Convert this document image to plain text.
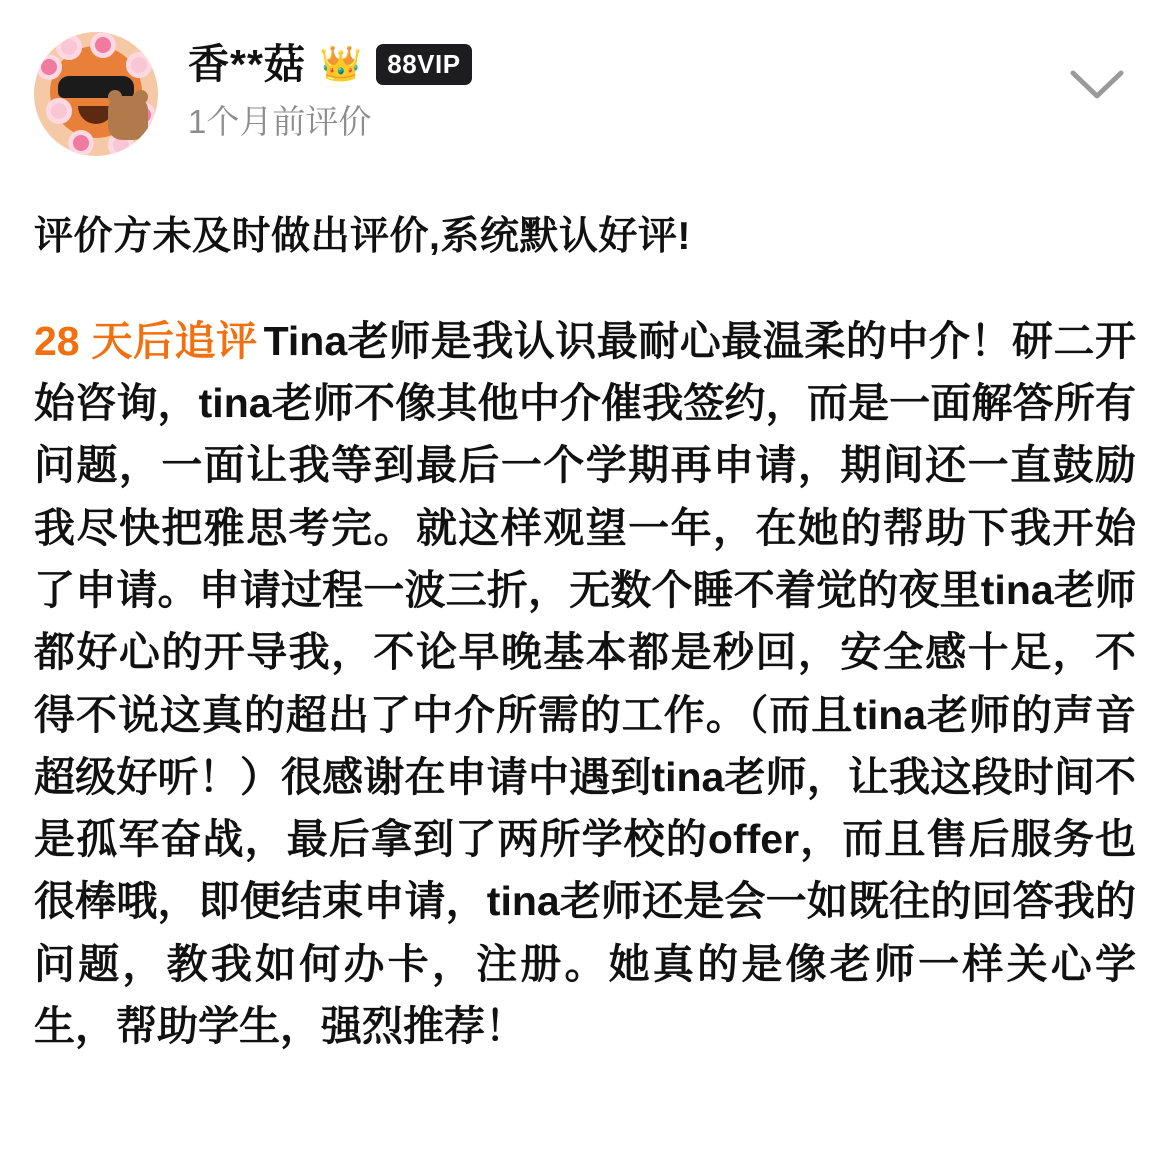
香**菇 👑 88VIP
1个月前评价

评价方未及时做出评价,系统默认好评!

28 天后追评 Tina老师是我认识最耐心最温柔的中介！研二开始咨询，tina老师不像其他中介催我签约，而是一面解答所有问题，一面让我等到最后一个学期再申请，期间还一直鼓励我尽快把雅思考完。就这样观望一年，在她的帮助下我开始了申请。申请过程一波三折，无数个睡不着觉的夜里tina老师都好心的开导我，不论早晚基本都是秒回，安全感十足，不得不说这真的超出了中介所需的工作。（而且tina老师的声音超级好听！）很感谢在申请中遇到tina老师，让我这段时间不是孤军奋战，最后拿到了两所学校的offer，而且售后服务也很棒哦，即便结束申请，tina老师还是会一如既往的回答我的问题，教我如何办卡，注册。她真的是像老师一样关心学生，帮助学生，强烈推荐！
